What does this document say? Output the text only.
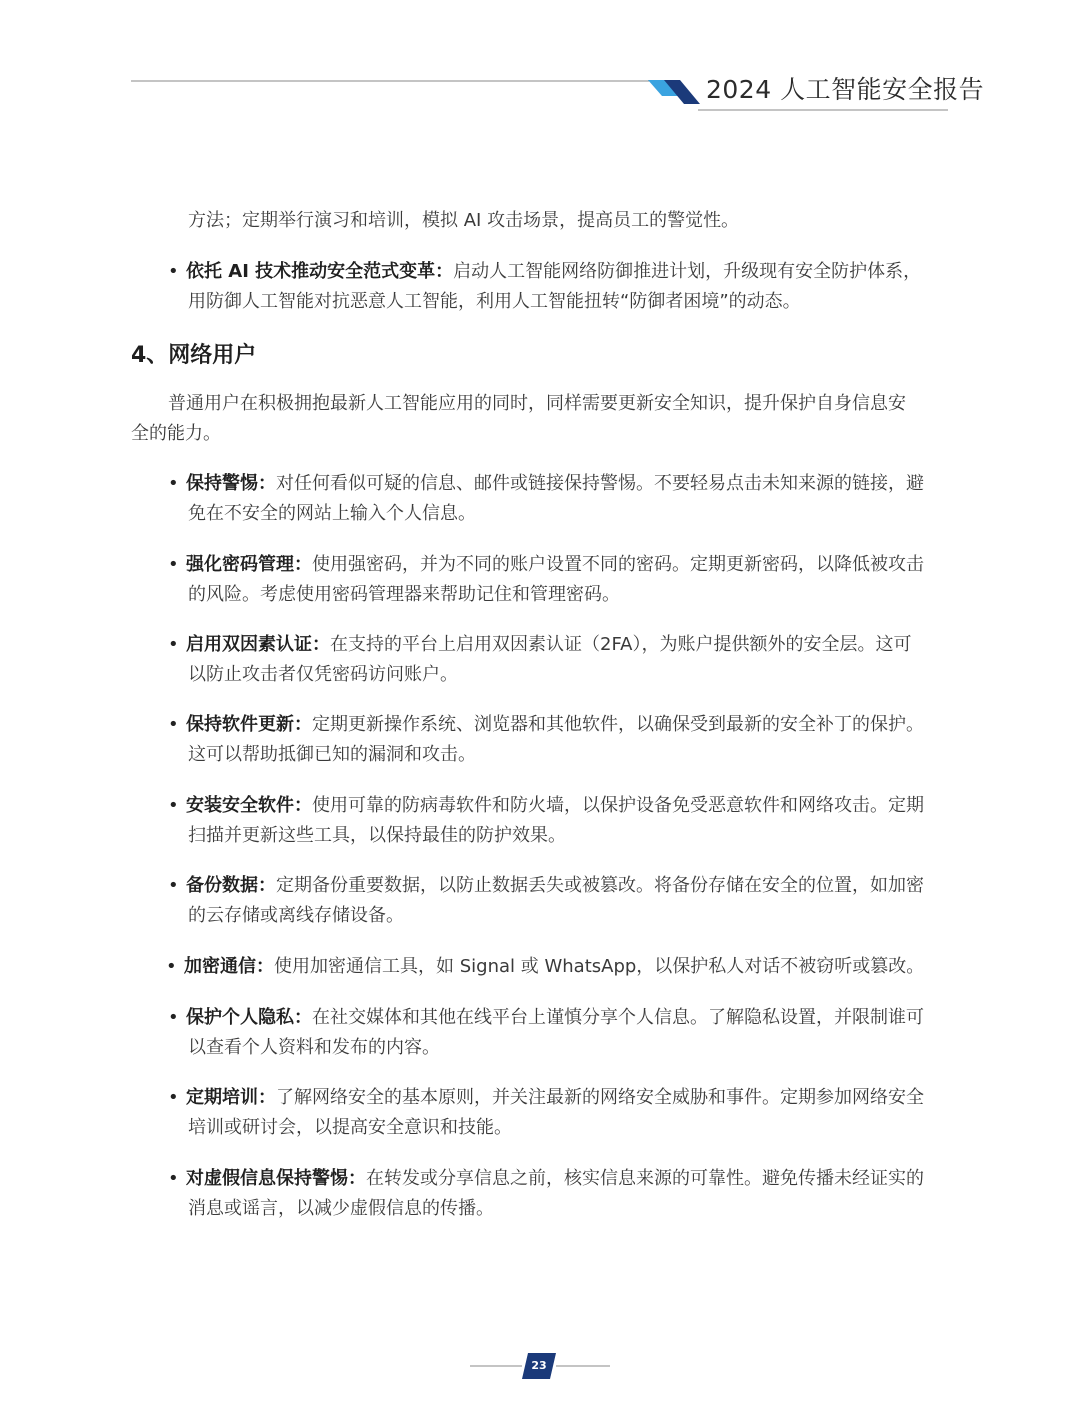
2024 人工智能安全报告
方法；定期举行演习和培训，模拟 AI 攻击场景，提高员工的警觉性。
• 依托 AI 技术推动安全范式变革：启动人工智能网络防御推进计划，升级现有安全防护体系，
用防御人工智能对抗恶意人工智能，利用人工智能扭转“防御者困境”的动态。
4、网络用户
普通用户在积极拥抱最新人工智能应用的同时，同样需要更新安全知识，提升保护自身信息安
全的能力。
• 保持警惕：对任何看似可疑的信息、邮件或链接保持警惕。不要轻易点击未知来源的链接，避
免在不安全的网站上输入个人信息。
• 强化密码管理：使用强密码，并为不同的账户设置不同的密码。定期更新密码，以降低被攻击
的风险。考虑使用密码管理器来帮助记住和管理密码。
• 启用双因素认证：在支持的平台上启用双因素认证（2FA），为账户提供额外的安全层。这可
以防止攻击者仅凭密码访问账户。
• 保持软件更新：定期更新操作系统、浏览器和其他软件，以确保受到最新的安全补丁的保护。
这可以帮助抵御已知的漏洞和攻击。
• 安装安全软件：使用可靠的防病毒软件和防火墙，以保护设备免受恶意软件和网络攻击。定期
扫描并更新这些工具，以保持最佳的防护效果。
• 备份数据：定期备份重要数据，以防止数据丢失或被篡改。将备份存储在安全的位置，如加密
的云存储或离线存储设备。
• 加密通信：使用加密通信工具，如 Signal 或 WhatsApp，以保护私人对话不被窃听或篡改。
• 保护个人隐私：在社交媒体和其他在线平台上谨慎分享个人信息。了解隐私设置，并限制谁可
以查看个人资料和发布的内容。
• 定期培训：了解网络安全的基本原则，并关注最新的网络安全威胁和事件。定期参加网络安全
培训或研讨会，以提高安全意识和技能。
• 对虚假信息保持警惕：在转发或分享信息之前，核实信息来源的可靠性。避免传播未经证实的
消息或谣言，以减少虚假信息的传播。
23
